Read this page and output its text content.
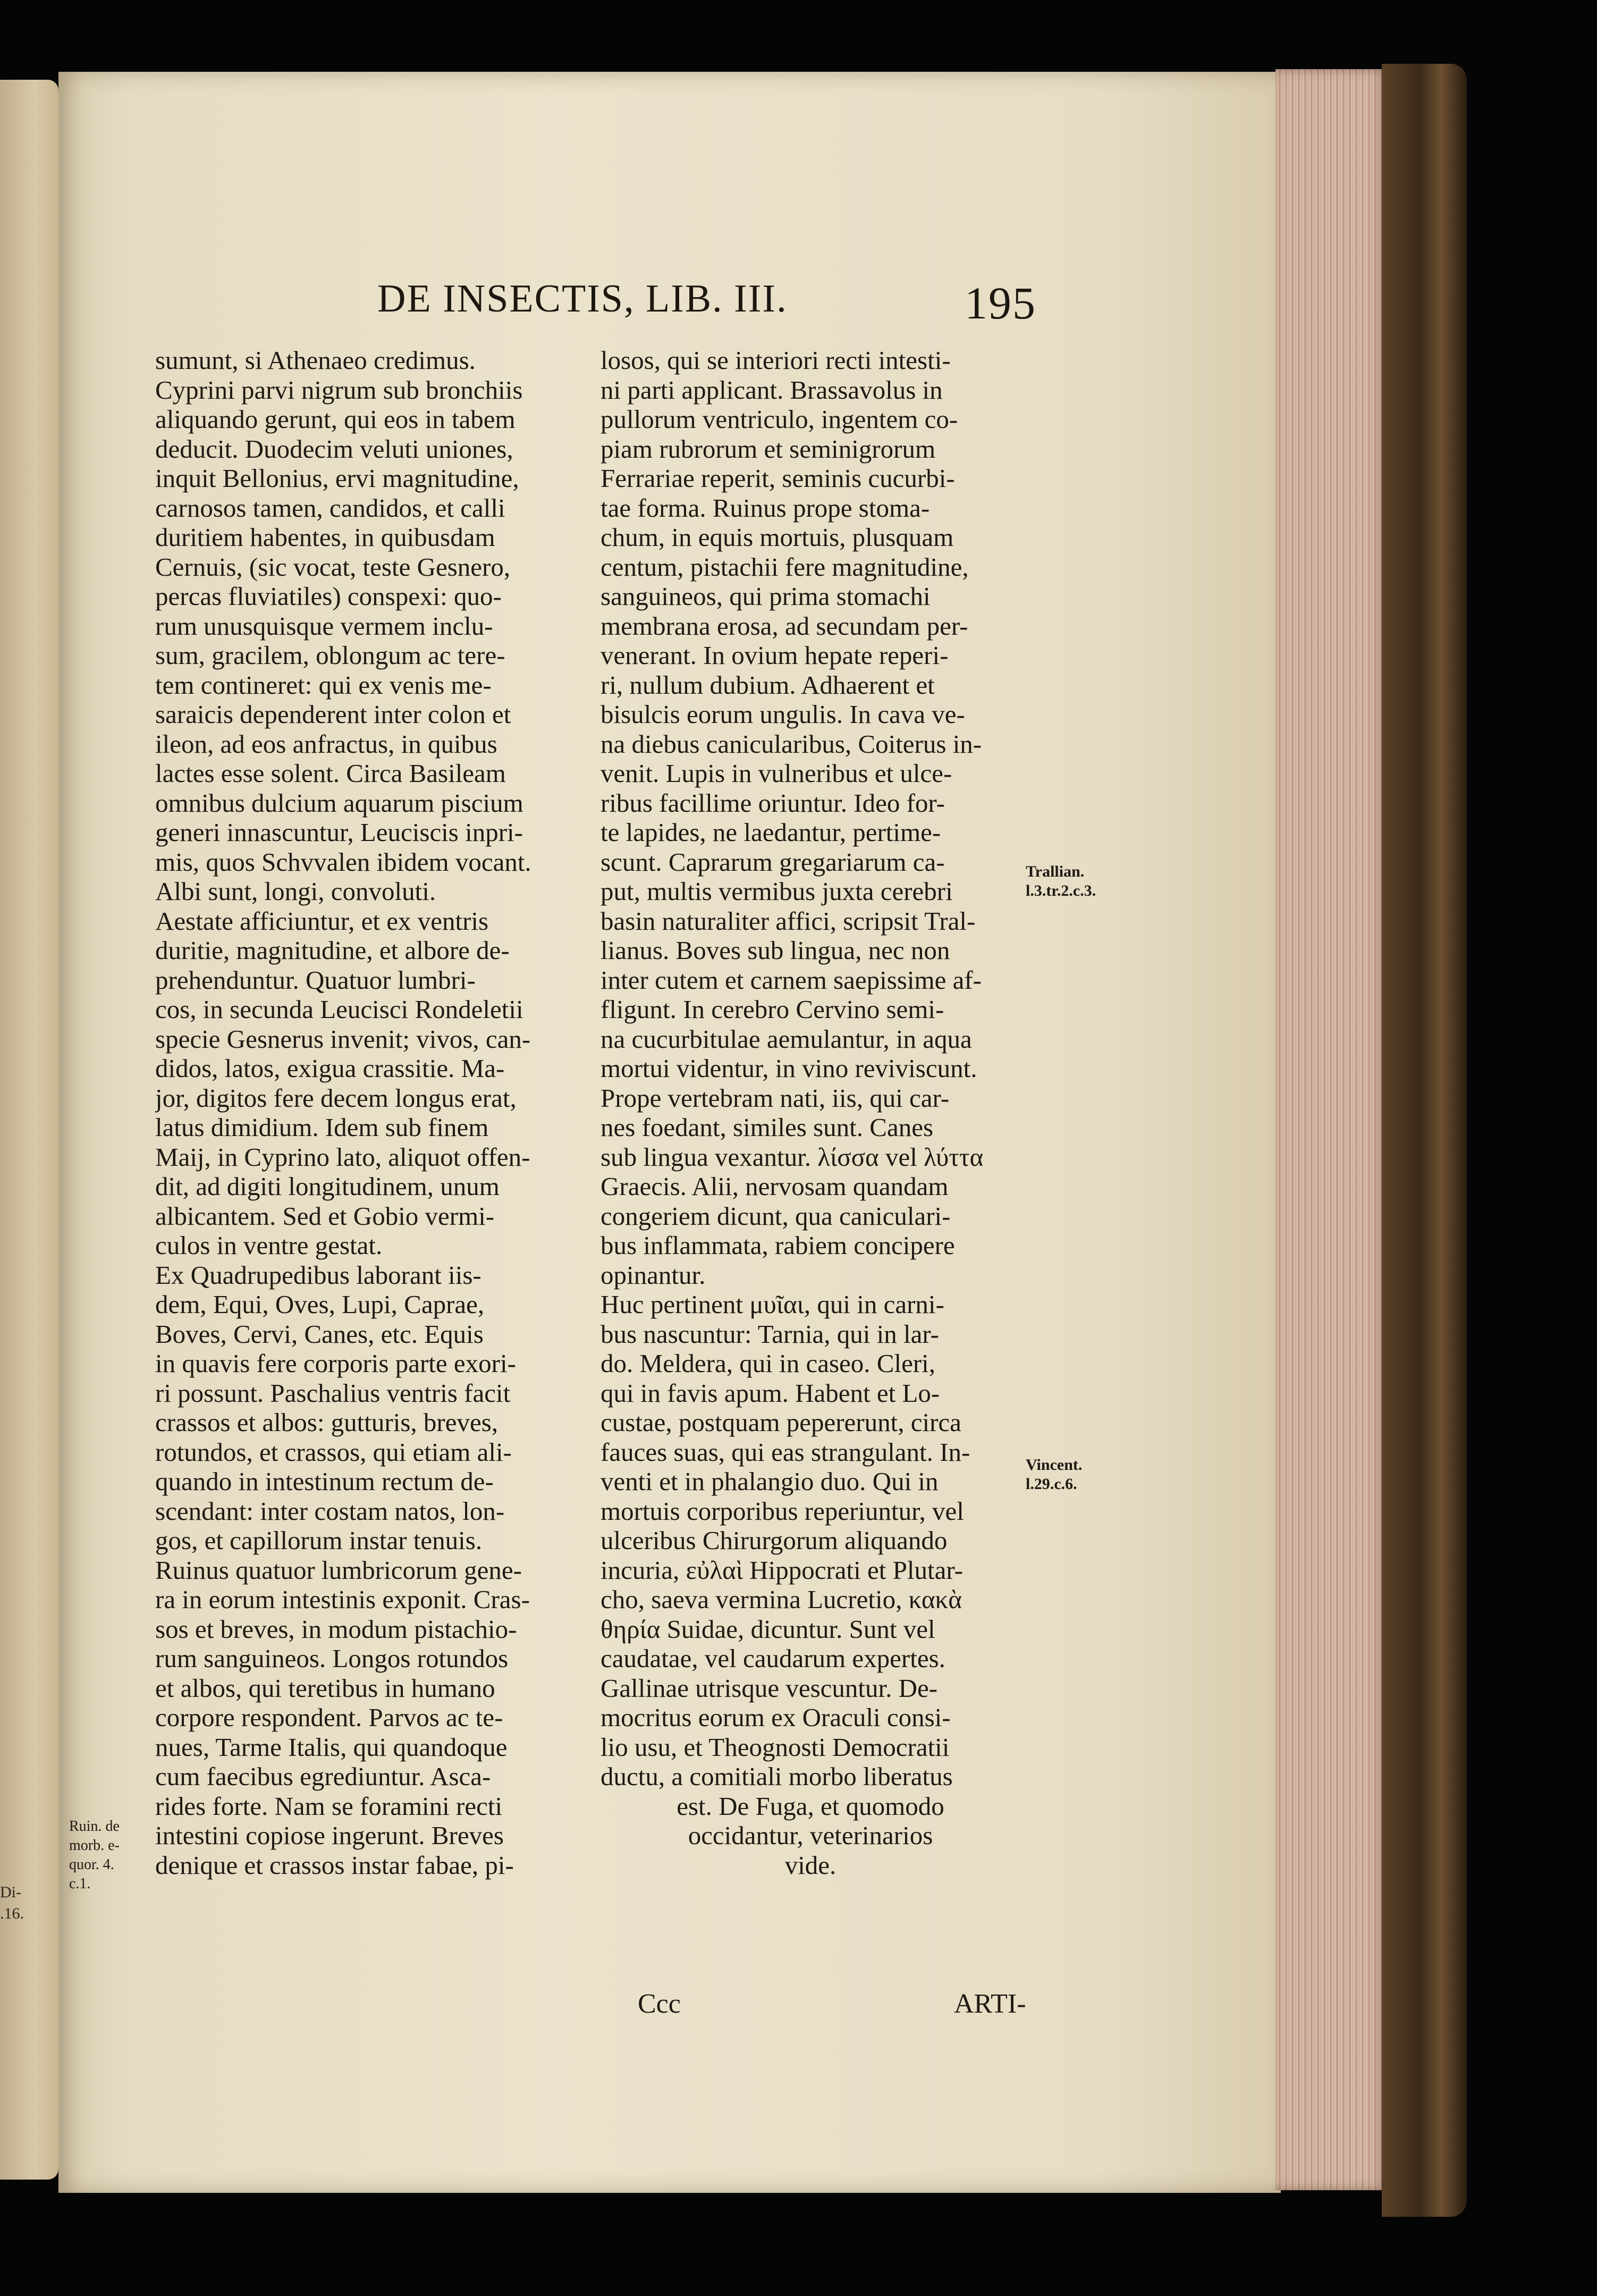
Di-
.16.
DE INSECTIS, LIB. III.	195
sumunt, si Athenaeo credimus.
Cyprini parvi nigrum sub bronchiis
aliquando gerunt, qui eos in tabem
deducit. Duodecim veluti uniones,
inquit Bellonius, ervi magnitudine,
carnosos tamen, candidos, et calli
duritiem habentes, in quibusdam
Cernuis, (sic vocat, teste Gesnero,
percas fluviatiles) conspexi: quo-
rum unusquisque vermem inclu-
sum, gracilem, oblongum ac tere-
tem contineret: qui ex venis me-
saraicis dependerent inter colon et
ileon, ad eos anfractus, in quibus
lactes esse solent. Circa Basileam
omnibus dulcium aquarum piscium
generi innascuntur, Leuciscis inpri-
mis, quos Schvvalen ibidem vocant.
Albi sunt, longi, convoluti.
Aestate afficiuntur, et ex ventris
duritie, magnitudine, et albore de-
prehenduntur. Quatuor lumbri-
cos, in secunda Leucisci Rondeletii
specie Gesnerus invenit; vivos, can-
didos, latos, exigua crassitie. Ma-
jor, digitos fere decem longus erat,
latus dimidium. Idem sub finem
Maij, in Cyprino lato, aliquot offen-
dit, ad digiti longitudinem, unum
albicantem. Sed et Gobio vermi-
culos in ventre gestat.
Ex Quadrupedibus laborant iis-
dem, Equi, Oves, Lupi, Caprae,
Boves, Cervi, Canes, etc. Equis
in quavis fere corporis parte exori-
ri possunt. Paschalius ventris facit
crassos et albos: gutturis, breves,
rotundos, et crassos, qui etiam ali-
quando in intestinum rectum de-
scendant: inter costam natos, lon-
gos, et capillorum instar tenuis.
Ruinus quatuor lumbricorum gene-
ra in eorum intestinis exponit. Cras-
sos et breves, in modum pistachio-
rum sanguineos. Longos rotundos
et albos, qui teretibus in humano
corpore respondent. Parvos ac te-
nues, Tarme Italis, qui quandoque
cum faecibus egrediuntur. Asca-
rides forte. Nam se foramini recti
intestini copiose ingerunt. Breves
denique et crassos instar fabae, pi-
losos, qui se interiori recti intesti-
ni parti applicant. Brassavolus in
pullorum ventriculo, ingentem co-
piam rubrorum et seminigrorum
Ferrariae reperit, seminis cucurbi-
tae forma. Ruinus prope stoma-
chum, in equis mortuis, plusquam
centum, pistachii fere magnitudine,
sanguineos, qui prima stomachi
membrana erosa, ad secundam per-
venerant. In ovium hepate reperi-
ri, nullum dubium. Adhaerent et
bisulcis eorum ungulis. In cava ve-
na diebus canicularibus, Coiterus in-
venit. Lupis in vulneribus et ulce-
ribus facillime oriuntur. Ideo for-
te lapides, ne laedantur, pertime-
scunt. Caprarum gregariarum ca-
put, multis vermibus juxta cerebri
basin naturaliter affici, scripsit Tral-
lianus. Boves sub lingua, nec non
inter cutem et carnem saepissime af-
fligunt. In cerebro Cervino semi-
na cucurbitulae aemulantur, in aqua
mortui videntur, in vino reviviscunt.
Prope vertebram nati, iis, qui car-
nes foedant, similes sunt. Canes
sub lingua vexantur. λίσσα vel λύττα
Graecis. Alii, nervosam quandam
congeriem dicunt, qua caniculari-
bus inflammata, rabiem concipere
opinantur.
Huc pertinent μυῖαι, qui in carni-
bus nascuntur: Tarnia, qui in lar-
do. Meldera, qui in caseo. Cleri,
qui in favis apum. Habent et Lo-
custae, postquam pepererunt, circa
fauces suas, qui eas strangulant. In-
venti et in phalangio duo. Qui in
mortuis corporibus reperiuntur, vel
ulceribus Chirurgorum aliquando
incuria, εὐλαὶ Hippocrati et Plutar-
cho, saeva vermina Lucretio, κακὰ
θηρία Suidae, dicuntur. Sunt vel
caudatae, vel caudarum expertes.
Gallinae utrisque vescuntur. De-
mocritus eorum ex Oraculi consi-
lio usu, et Theognosti Democratii
ductu, a comitiali morbo liberatus
est. De Fuga, et quomodo
occidantur, veterinarios
vide.
Trallian.
l.3.tr.2.c.3.
Vincent.
l.29.c.6.
Ruin. de
morb. e-
quor. 4.
c.1.
Ccc	ARTI-
